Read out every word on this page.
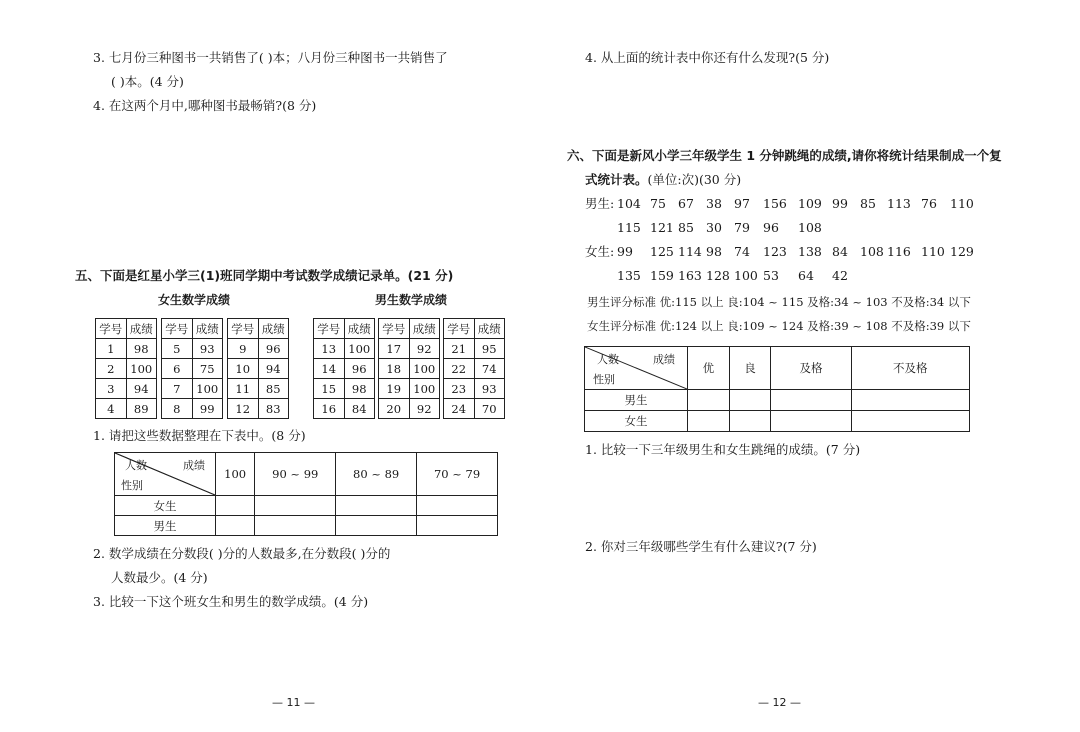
3. 七月份三种图书一共销售了( )本；八月份三种图书一共销售了
( )本。(4 分)
4. 在这两个月中,哪种图书最畅销?(8 分)
五、下面是红星小学三(1)班同学期中考试数学成绩记录单。(21 分)
女生数学成绩	男生数学成绩
学号	成绩
1	98
2	100
3	94
4	89
学号	成绩
5	93
6	75
7	100
8	99
学号	成绩
9	96
10	94
11	85
12	83
学号	成绩
13	100
14	96
15	98
16	84
学号	成绩
17	92
18	100
19	100
20	92
学号	成绩
21	95
22	74
23	93
24	70
1. 请把这些数据整理在下表中。(8 分)
成绩
人数
性别	100	90 ~ 99	80 ~ 89	70 ~ 79
女生				
男生				
2. 数学成绩在分数段( )分的人数最多,在分数段( )分的
人数最少。(4 分)
3. 比较一下这个班女生和男生的数学成绩。(4 分)
— 11 —
4. 从上面的统计表中你还有什么发现?(5 分)
六、下面是新风小学三年级学生 1 分钟跳绳的成绩,请你将统计结果制成一个复
式统计表。(单位:次)(30 分)
男生: 104 75 67 38 97 156 109 99 85 113 76 110
115 121 85 30 79 96 108
女生: 99 125 114 98 74 123 138 84 108 116 110 129
135 159 163 128 100 53 64 42
男生评分标准 优:115 以上 良:104 ~ 115 及格:34 ~ 103 不及格:34 以下
女生评分标准 优:124 以上 良:109 ~ 124 及格:39 ~ 108 不及格:39 以下
成绩
人数
性别	优	良	及格	不及格
男生				
女生				
1. 比较一下三年级男生和女生跳绳的成绩。(7 分)
2. 你对三年级哪些学生有什么建议?(7 分)
— 12 —
